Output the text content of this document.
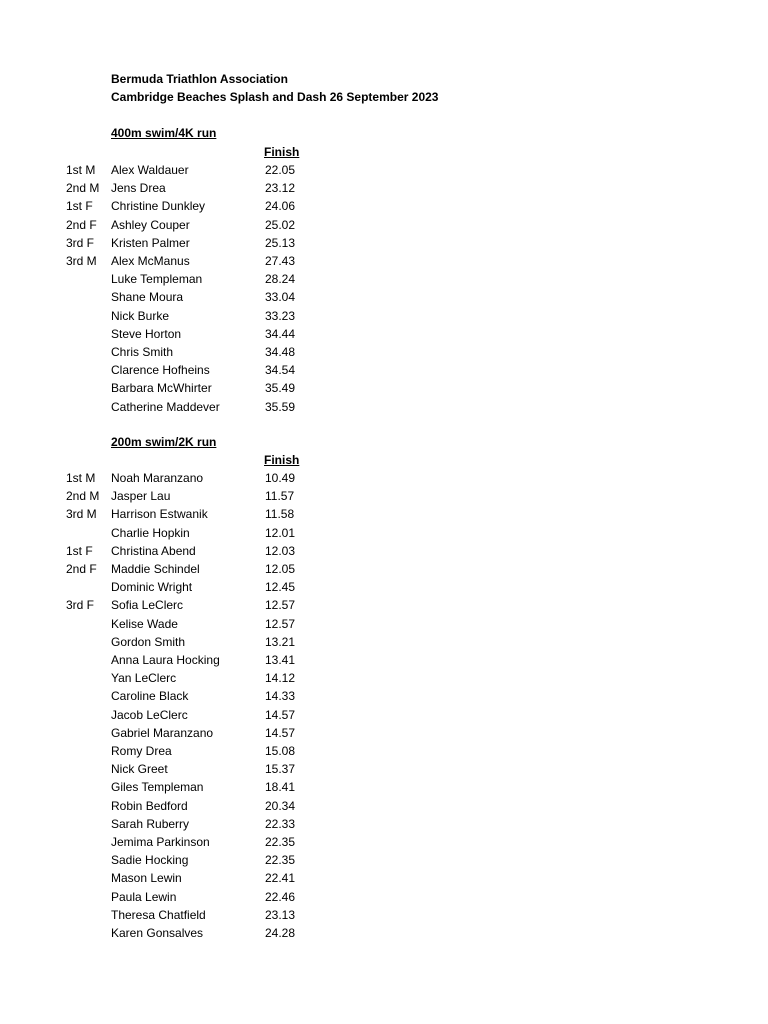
Bermuda Triathlon Association
Cambridge Beaches Splash and Dash 26 September 2023
400m swim/4K run
Finish
1st M Alex Waldauer	22.05
2nd M Jens Drea	23.12
1st F Christine Dunkley	24.06
2nd F Ashley Couper	25.02
3rd F Kristen Palmer	25.13
3rd M Alex McManus	27.43
Luke Templeman	28.24
Shane Moura	33.04
Nick Burke	33.23
Steve Horton	34.44
Chris Smith	34.48
Clarence Hofheins	34.54
Barbara McWhirter	35.49
Catherine Maddever	35.59
200m swim/2K run
Finish
1st M Noah Maranzano	10.49
2nd M Jasper Lau	11.57
3rd M Harrison Estwanik	11.58
Charlie Hopkin	12.01
1st F Christina Abend	12.03
2nd F Maddie Schindel	12.05
Dominic Wright	12.45
3rd F Sofia LeClerc	12.57
Kelise Wade	12.57
Gordon Smith	13.21
Anna Laura Hocking	13.41
Yan LeClerc	14.12
Caroline Black	14.33
Jacob LeClerc	14.57
Gabriel Maranzano	14.57
Romy Drea	15.08
Nick Greet	15.37
Giles Templeman	18.41
Robin Bedford	20.34
Sarah Ruberry	22.33
Jemima Parkinson	22.35
Sadie Hocking	22.35
Mason Lewin	22.41
Paula Lewin	22.46
Theresa Chatfield	23.13
Karen Gonsalves	24.28
